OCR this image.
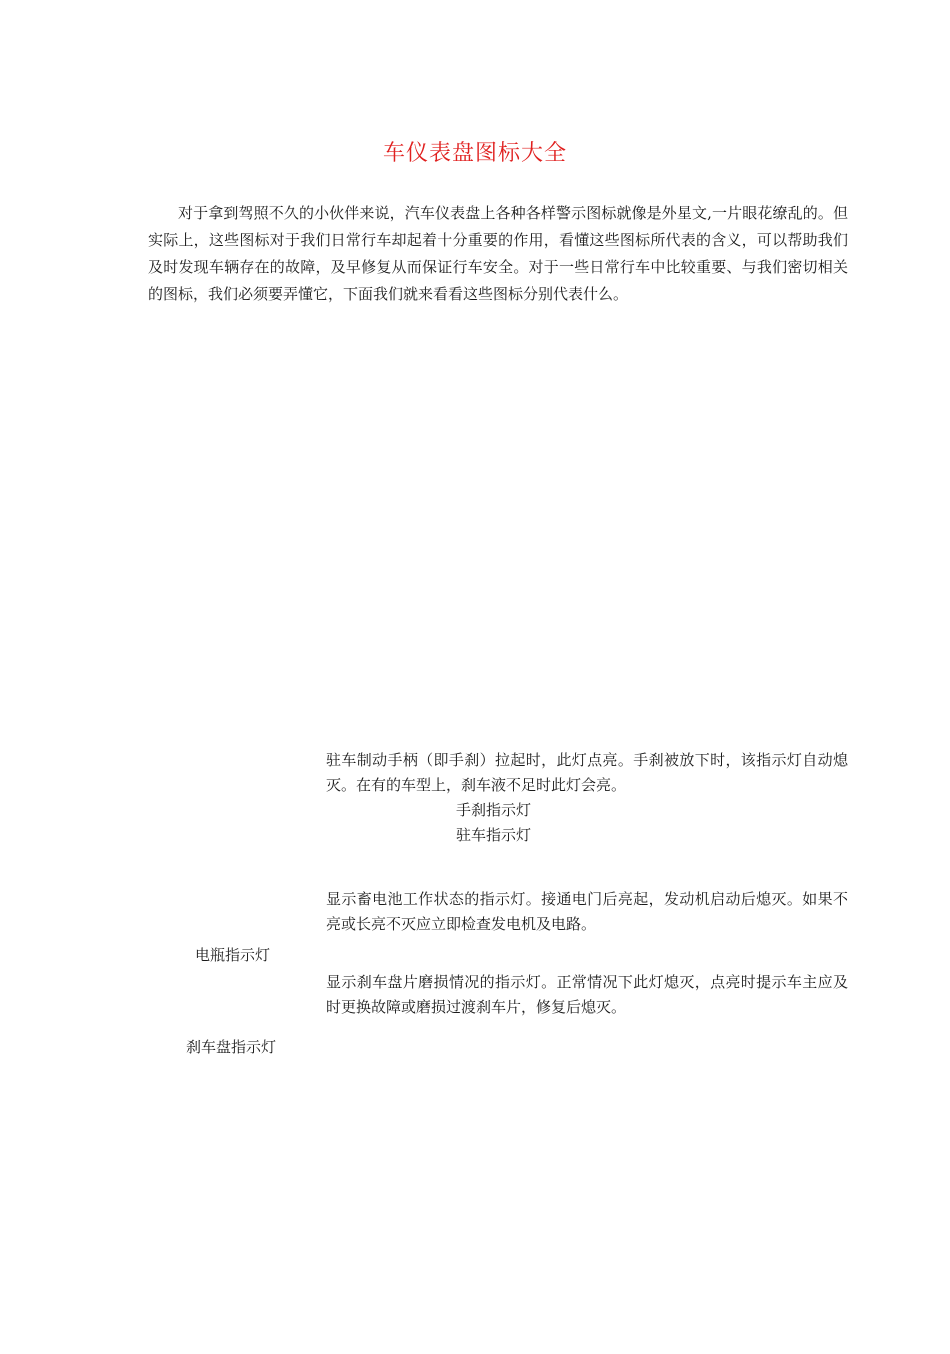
车仪表盘图标大全

对于拿到驾照不久的小伙伴来说，汽车仪表盘上各种各样警示图标就像是外星文,一片眼花缭乱的。但实际上，这些图标对于我们日常行车却起着十分重要的作用，看懂这些图标所代表的含义，可以帮助我们及时发现车辆存在的故障，及早修复从而保证行车安全。对于一些日常行车中比较重要、与我们密切相关的图标，我们必须要弄懂它，下面我们就来看看这些图标分别代表什么。

驻车制动手柄（即手刹）拉起时，此灯点亮。手刹被放下时，该指示灯自动熄灭。在有的车型上，刹车液不足时此灯会亮。

手刹指示灯
驻车指示灯

显示畜电池工作状态的指示灯。接通电门后亮起，发动机启动后熄灭。如果不亮或长亮不灭应立即检查发电机及电路。

电瓶指示灯

显示刹车盘片磨损情况的指示灯。正常情况下此灯熄灭，点亮时提示车主应及时更换故障或磨损过渡刹车片，修复后熄灭。

刹车盘指示灯
